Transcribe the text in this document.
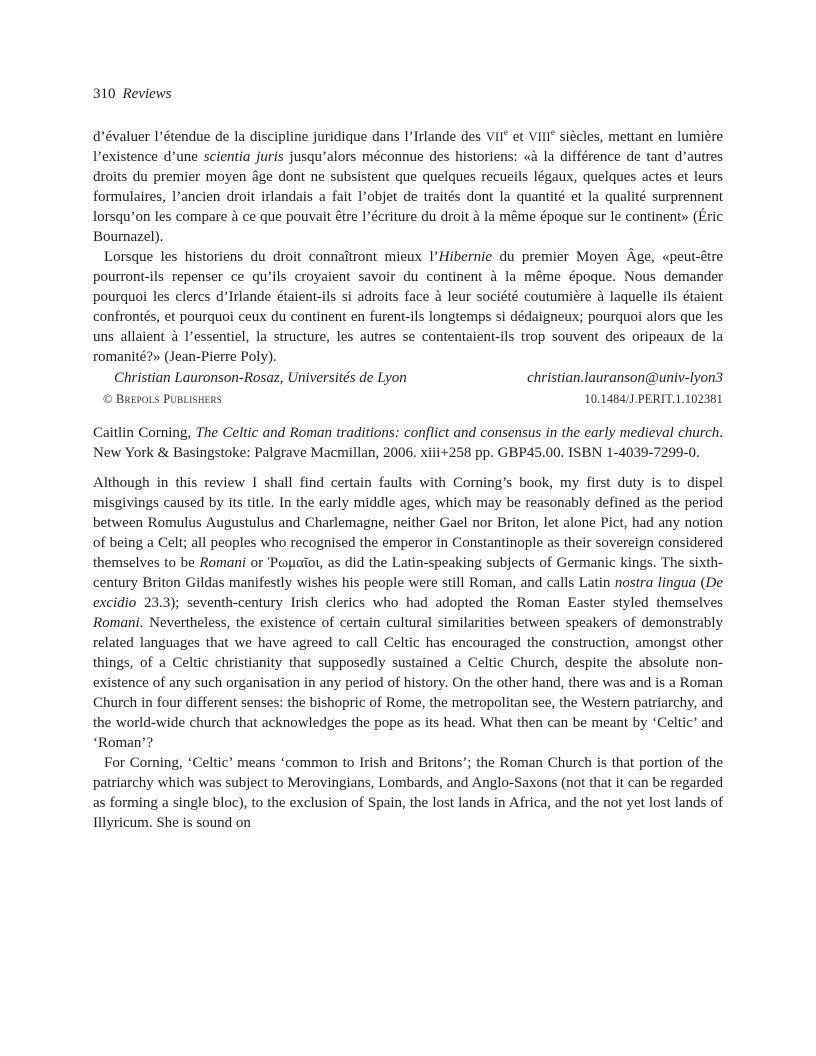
310 Reviews

d’évaluer l’étendue de la discipline juridique dans l’Irlande des VIIe et VIIIe siècles, mettant en lumière l’existence d’une scientia juris jusqu’alors méconnue des historiens: «à la différence de tant d’autres droits du premier moyen âge dont ne subsistent que quelques recueils légaux, quelques actes et leurs formulaires, l’ancien droit irlandais a fait l’objet de traités dont la quantité et la qualité surprennent lorsqu’on les compare à ce que pouvait être l’écriture du droit à la même époque sur le continent» (Éric Bournazel).

Lorsque les historiens du droit connaîtront mieux l’Hibernie du premier Moyen Âge, «peut-être pourront-ils repenser ce qu’ils croyaient savoir du continent à la même époque. Nous demander pourquoi les clercs d’Irlande étaient-ils si adroits face à leur société coutumière à laquelle ils étaient confrontés, et pourquoi ceux du continent en furent-ils longtemps si dédaigneux; pourquoi alors que les uns allaient à l’essentiel, la structure, les autres se contentaient-ils trop souvent des oripeaux de la romanité?» (Jean-Pierre Poly).

Christian Lauronson-Rosaz, Universités de Lyon	christian.lauranson@univ-lyon3
© Brepols Publishers	10.1484/J.PERIT.1.102381

Caitlin Corning, The Celtic and Roman traditions: conflict and consensus in the early medieval church. New York & Basingstoke: Palgrave Macmillan, 2006. xiii+258 pp. GBP45.00. ISBN 1-4039-7299-0.

Although in this review I shall find certain faults with Corning’s book, my first duty is to dispel misgivings caused by its title. In the early middle ages, which may be reasonably defined as the period between Romulus Augustulus and Charlemagne, neither Gael nor Briton, let alone Pict, had any notion of being a Celt; all peoples who recognised the emperor in Constantinople as their sovereign considered themselves to be Romani or Ῥωμαῖοι, as did the Latin-speaking subjects of Germanic kings. The sixth-century Briton Gildas manifestly wishes his people were still Roman, and calls Latin nostra lingua (De excidio 23.3); seventh-century Irish clerics who had adopted the Roman Easter styled themselves Romani. Nevertheless, the existence of certain cultural similarities between speakers of demonstrably related languages that we have agreed to call Celtic has encouraged the construction, amongst other things, of a Celtic christianity that supposedly sustained a Celtic Church, despite the absolute non-existence of any such organisation in any period of history. On the other hand, there was and is a Roman Church in four different senses: the bishopric of Rome, the metropolitan see, the Western patriarchy, and the world-wide church that acknowledges the pope as its head. What then can be meant by ‘Celtic’ and ‘Roman’?

For Corning, ‘Celtic’ means ‘common to Irish and Britons’; the Roman Church is that portion of the patriarchy which was subject to Merovingians, Lombards, and Anglo-Saxons (not that it can be regarded as forming a single bloc), to the exclusion of Spain, the lost lands in Africa, and the not yet lost lands of Illyricum. She is sound on
